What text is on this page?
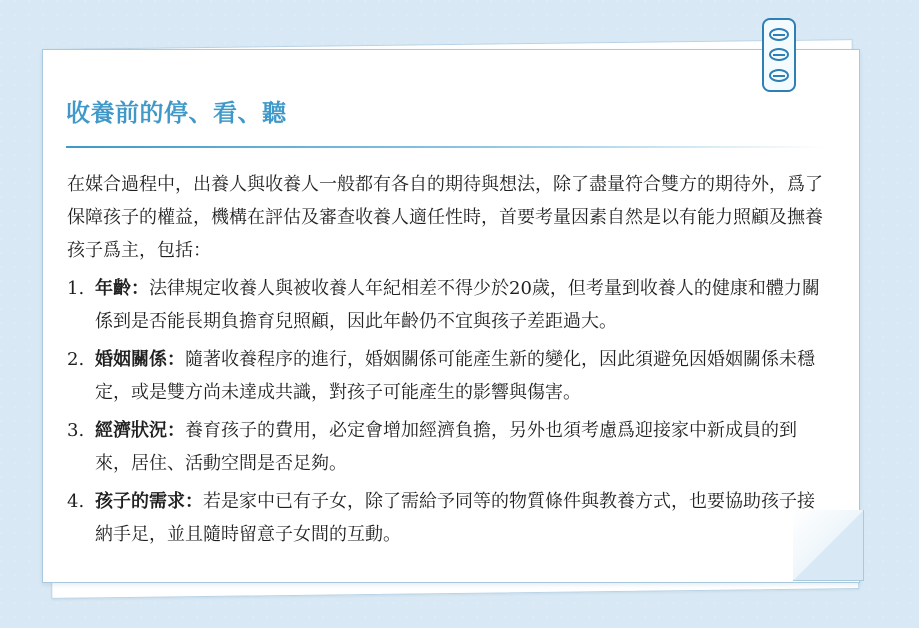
收養前的停、看、聽

在媒合過程中，出養人與收養人一般都有各自的期待與想法，除了盡量符合雙方的期待外，爲了保障孩子的權益，機構在評估及審查收養人適任性時，首要考量因素自然是以有能力照顧及撫養孩子爲主，包括：

1. 年齡：法律規定收養人與被收養人年紀相差不得少於20歲，但考量到收養人的健康和體力關係到是否能長期負擔育兒照顧，因此年齡仍不宜與孩子差距過大。
2. 婚姻關係：隨著收養程序的進行，婚姻關係可能產生新的變化，因此須避免因婚姻關係未穩定，或是雙方尚未達成共識，對孩子可能產生的影響與傷害。
3. 經濟狀況：養育孩子的費用，必定會增加經濟負擔，另外也須考慮爲迎接家中新成員的到來，居住、活動空間是否足夠。
4. 孩子的需求：若是家中已有子女，除了需給予同等的物質條件與教養方式，也要協助孩子接納手足，並且隨時留意子女間的互動。
